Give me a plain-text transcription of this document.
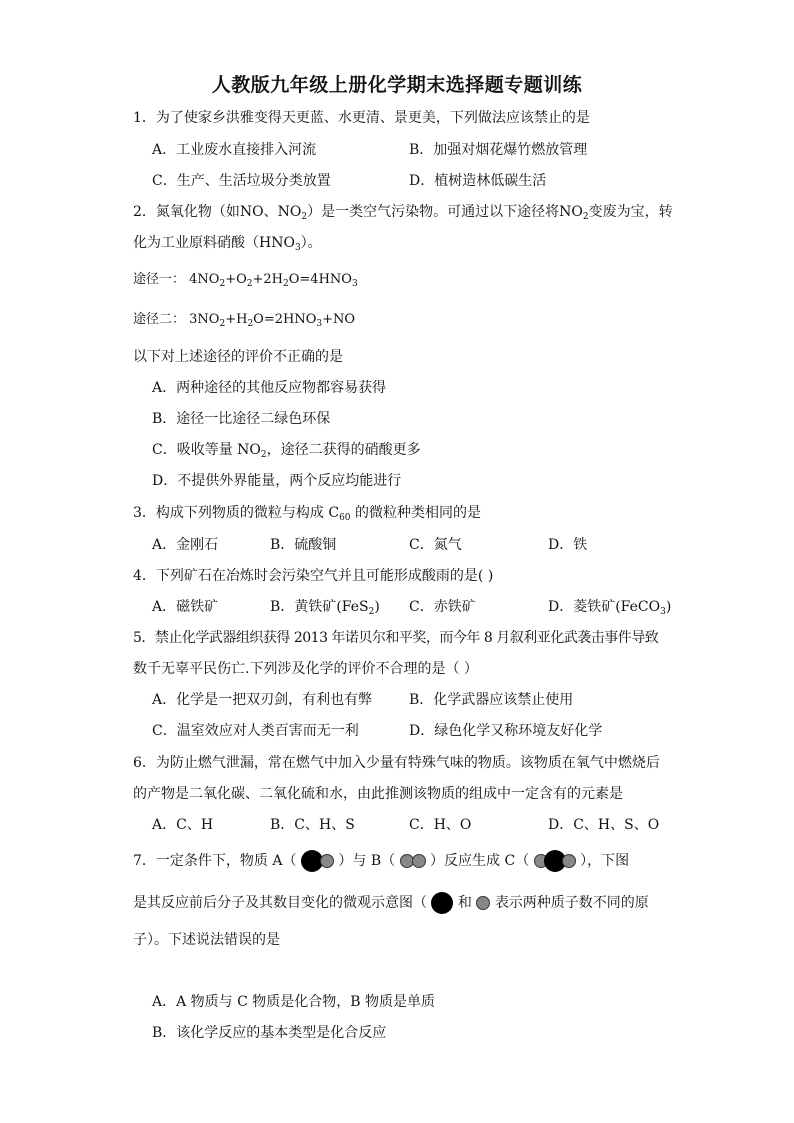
人教版九年级上册化学期末选择题专题训练
1．为了使家乡洪雅变得天更蓝、水更清、景更美，下列做法应该禁止的是
A．工业废水直接排入河流	B．加强对烟花爆竹燃放管理
C．生产、生活垃圾分类放置	D．植树造林低碳生活
2．氮氧化物（如NO、$NO_2$）是一类空气污染物。可通过以下途径将$NO_2$变废为宝，转
化为工业原料硝酸$(HNO_3)$。
途径一： $4NO_2+O_2+2H_2O=4HNO_3$
途径二： $3NO_2+H_2O=2HNO_3+NO$
以下对上述途径的评价不正确的是
A．两种途径的其他反应物都容易获得
B．途径一比途径二绿色环保
C．吸收等量 $NO_2$，途径二获得的硝酸更多
D．不提供外界能量，两个反应均能进行
3．构成下列物质的微粒与构成 $C_{60}$ 的微粒种类相同的是
A．金刚石	B．硫酸铜	C．氮气	D．铁
4．下列矿石在冶炼时会污染空气并且可能形成酸雨的是( )
A．磁铁矿	B．黄铁矿(FeS$_2$) C．赤铁矿	D．菱铁矿(FeCO$_3$)
5．禁止化学武器组织获得 2013 年诺贝尔和平奖，而今年 8 月叙利亚化武袭击事件导致
数千无辜平民伤亡.下列涉及化学的评价不合理的是（ ）
A．化学是一把双刃剑，有利也有弊	B．化学武器应该禁止使用
C．温室效应对人类百害而无一利	D．绿色化学又称环境友好化学
6．为防止燃气泄漏，常在燃气中加入少量有特殊气味的物质。该物质在氧气中燃烧后
的产物是二氧化碳、二氧化硫和水，由此推测该物质的组成中一定含有的元素是
A．C、H	B．C、H、S	C．H、O	D．C、H、S、O
7．一定条件下，物质 A（	）与 B（ ）反应生成 C（	），下图
是其反应前后分子及其数目变化的微观示意图（ 和  表示两种质子数不同的原
子）。下述说法错误的是
A．A 物质与 C 物质是化合物，B 物质是单质
B．该化学反应的基本类型是化合反应
